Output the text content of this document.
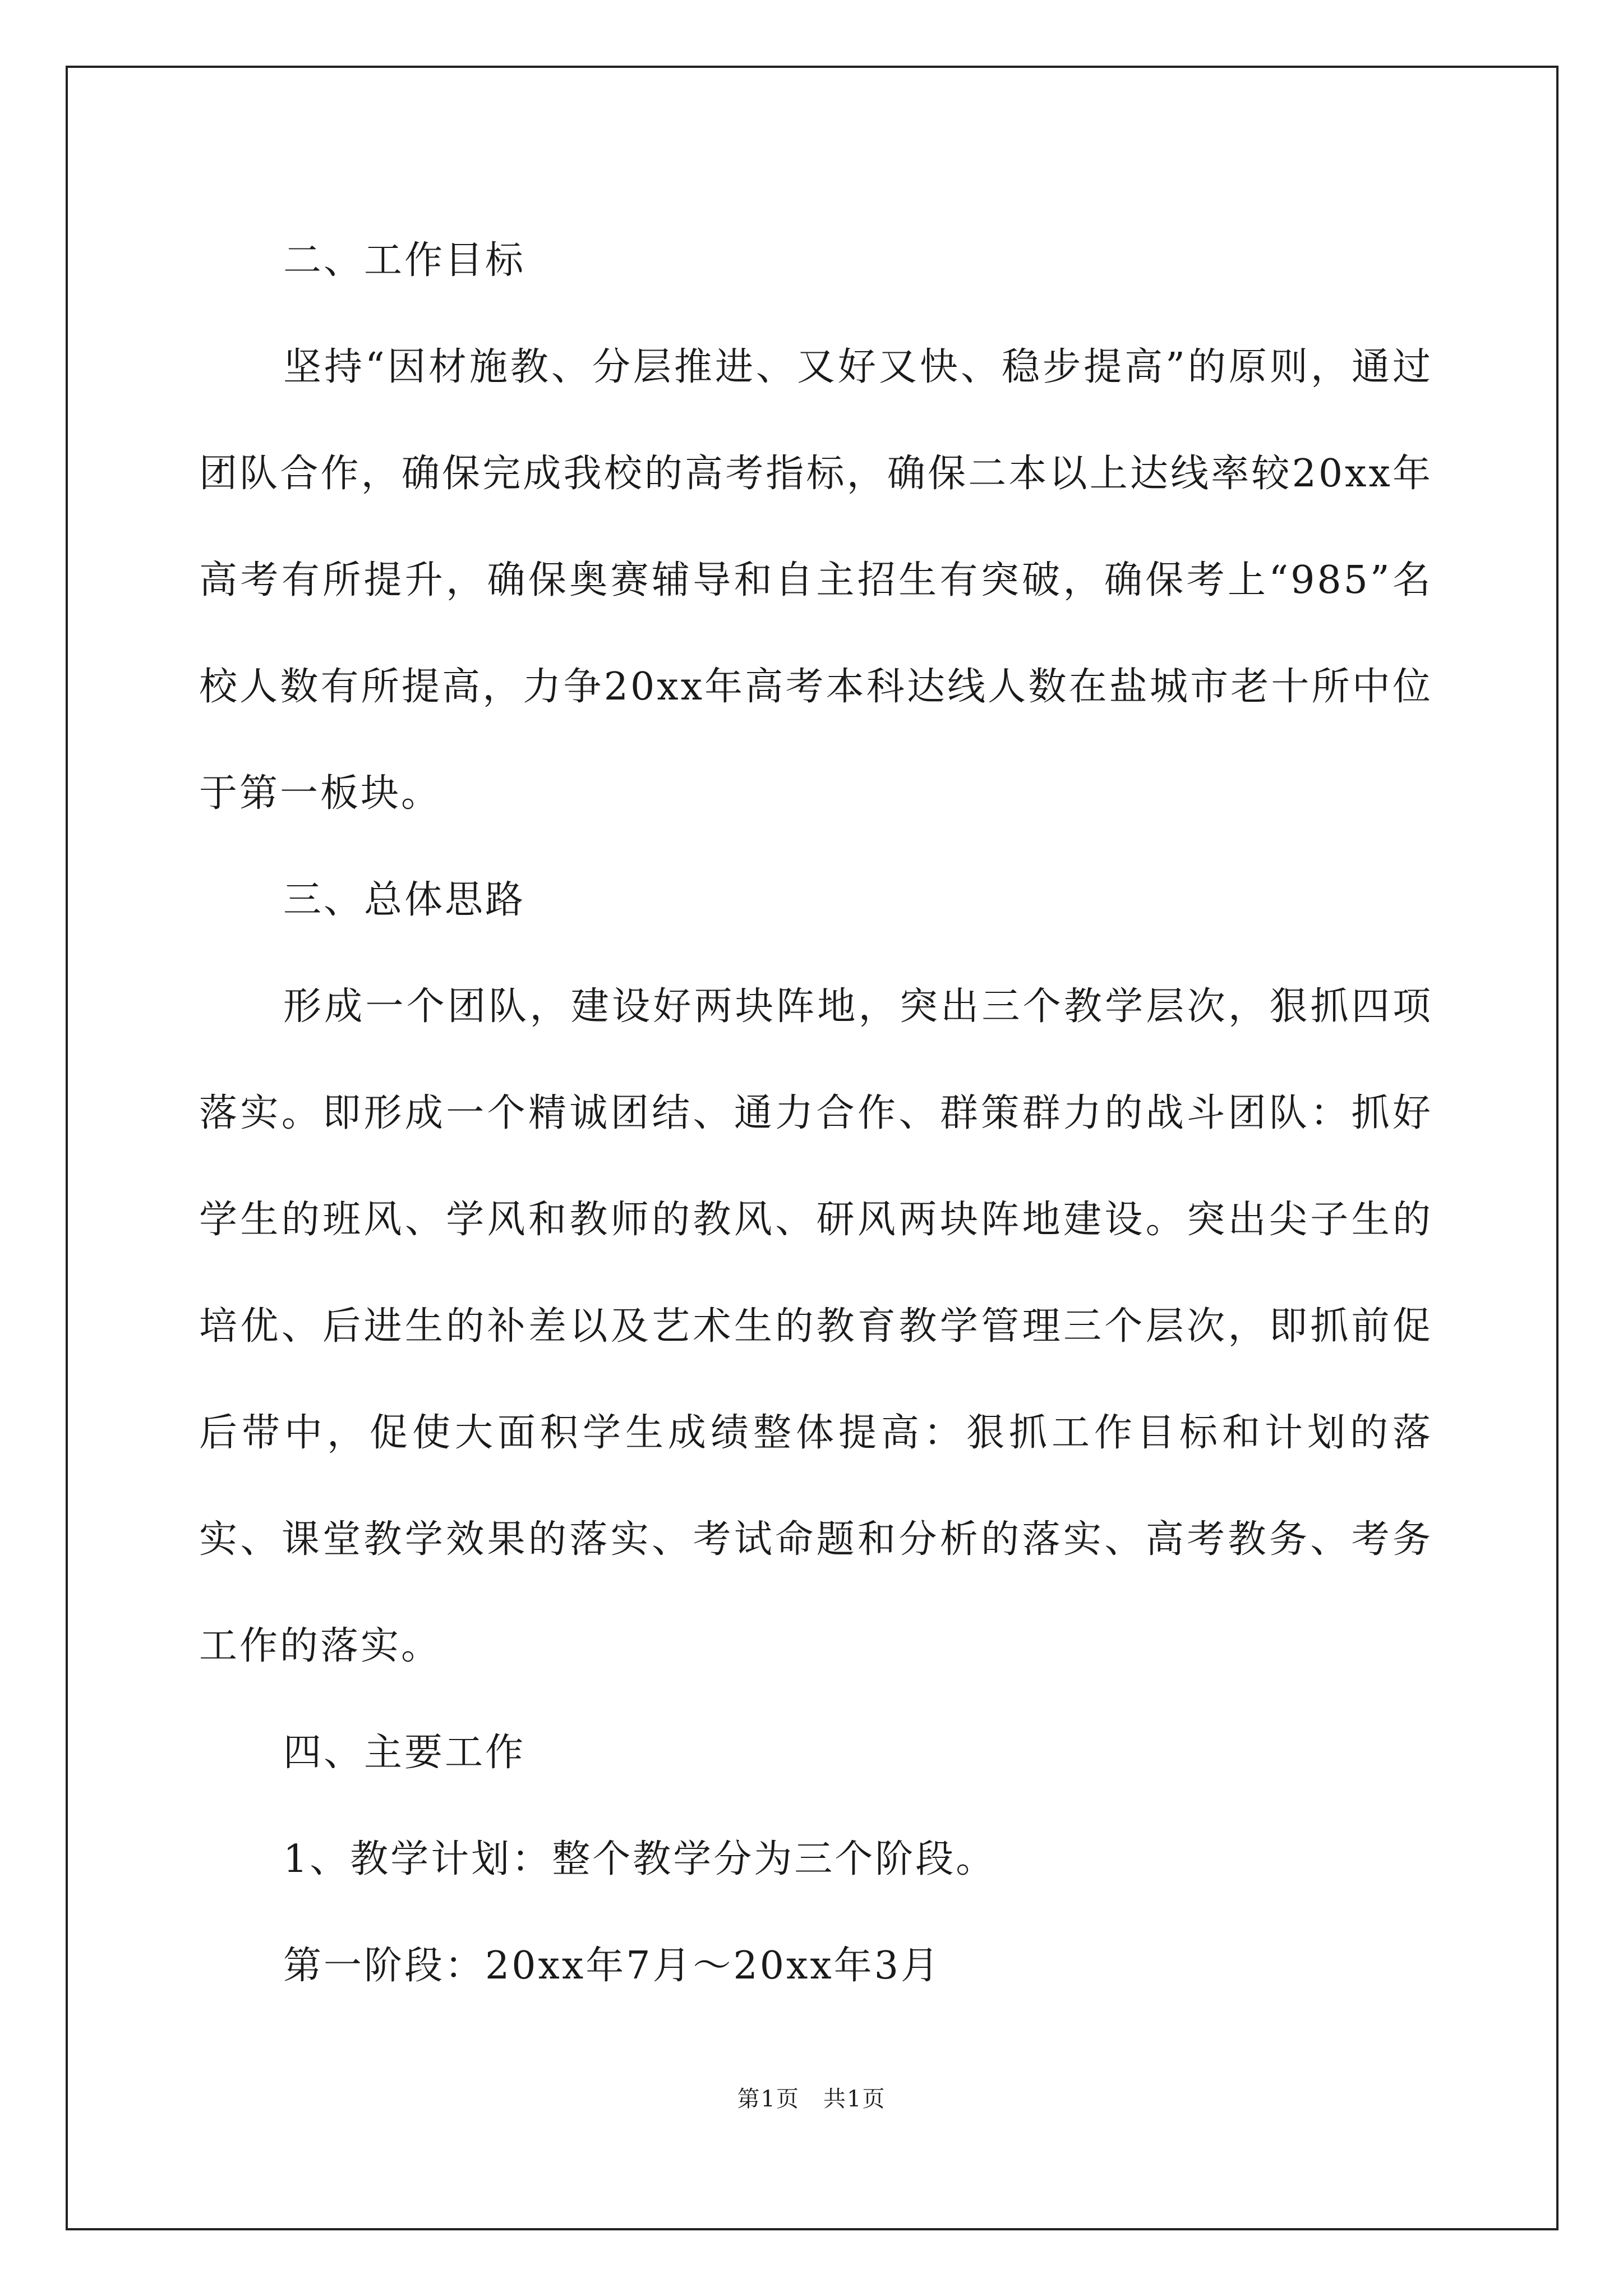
二、工作目标

坚持“因材施教、分层推进、又好又快、稳步提高”的原则，通过团队合作，确保完成我校的高考指标，确保二本以上达线率较20xx年高考有所提升，确保奥赛辅导和自主招生有突破，确保考上“985”名校人数有所提高，力争20xx年高考本科达线人数在盐城市老十所中位于第一板块。

三、总体思路

形成一个团队，建设好两块阵地，突出三个教学层次，狠抓四项落实。即形成一个精诚团结、通力合作、群策群力的战斗团队：抓好学生的班风、学风和教师的教风、研风两块阵地建设。突出尖子生的培优、后进生的补差以及艺术生的教育教学管理三个层次，即抓前促后带中，促使大面积学生成绩整体提高：狠抓工作目标和计划的落实、课堂教学效果的落实、考试命题和分析的落实、高考教务、考务工作的落实。

四、主要工作

1、教学计划：整个教学分为三个阶段。

第一阶段：20xx年7月～20xx年3月

第1页　共1页
